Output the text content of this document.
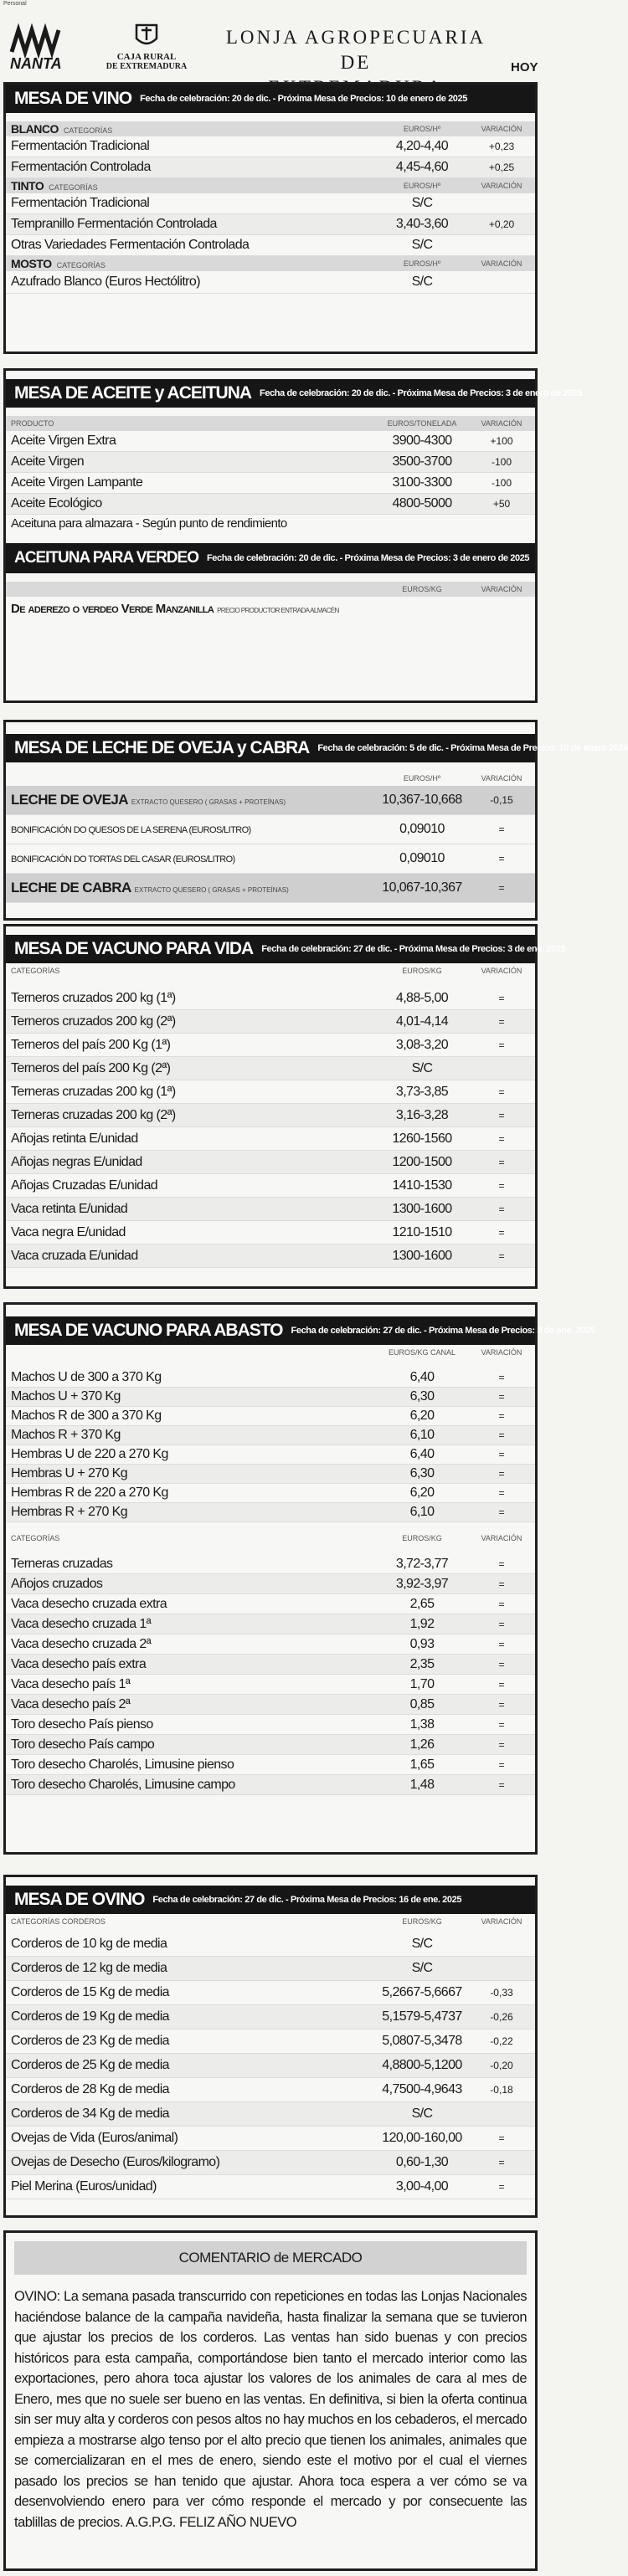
Personal
NANTA	CAJA RURAL
DE EXTREMADURA
LONJA AGROPECUARIA DE	HOY
MESA DE VINO Fecha de celebración: 20 de dic. - Próxima Mesa de Precios: 10 de enero de 2025
BLANCO CATEGORÍAS	EUROS/Hº	VARIACIÓN
Fermentación Tradicional	4,20-4,40	+0,23
Fermentación Controlada	4,45-4,60	+0,25
TINTO CATEGORÍAS	EUROS/Hº	VARIACIÓN
Fermentación Tradicional	S/C
Tempranillo Fermentación Controlada	3,40-3,60	+0,20
Otras Variedades Fermentación Controlada	S/C
MOSTO CATEGORÍAS	EUROS/Hº	VARIACIÓN
Azufrado Blanco (Euros Hectólitro)	S/C
MESA DE ACEITE y ACEITUNA Fecha de celebración: 20 de dic. - Próxima Mesa de Precios: 3 de enero de 2025
PRODUCTO	EUROS/TONELADA	VARIACIÓN
Aceite Virgen Extra	3900-4300	+100
Aceite Virgen	3500-3700	-100
Aceite Virgen Lampante	3100-3300	-100
Aceite Ecológico	4800-5000	+50
Aceituna para almazara - Según punto de rendimiento
ACEITUNA PARA VERDEO Fecha de celebración: 20 de dic. - Próxima Mesa de Precios: 3 de enero de 2025
EUROS/KG	VARIACIÓN
De aderezo o verdeo Verde Manzanilla PRECIO PRODUCTOR ENTRADA ALMACÉN
MESA DE LECHE DE OVEJA y CABRA Fecha de celebración: 5 de dic. - Próxima Mesa de Precios: 10 de enero 2024
EUROS/Hº	VARIACIÓN
LECHE DE OVEJA EXTRACTO QUESERO ( GRASAS + PROTEÍNAS)	10,367-10,668	-0,15
BONIFICACIÓN DO QUESOS DE LA SERENA (EUROS/LITRO)	0,09010	=
BONIFICACIÓN DO TORTAS DEL CASAR (EUROS/LITRO)	0,09010	=
LECHE DE CABRA EXTRACTO QUESERO ( GRASAS + PROTEÍNAS)	10,067-10,367	=
MESA DE VACUNO PARA VIDA Fecha de celebración: 27 de dic. - Próxima Mesa de Precios: 3 de ene. 2025
CATEGORÍAS	EUROS/KG	VARIACIÓN
Terneros cruzados 200 kg (1ª)	4,88-5,00	=
Terneros cruzados 200 kg (2ª)	4,01-4,14	=
Terneros del país 200 Kg (1ª)	3,08-3,20	=
Terneros del país 200 Kg (2ª)	S/C
Terneras cruzadas 200 kg (1ª)	3,73-3,85	=
Terneras cruzadas 200 kg (2ª)	3,16-3,28	=
Añojas retinta E/unidad	1260-1560	=
Añojas negras E/unidad	1200-1500	=
Añojas Cruzadas E/unidad	1410-1530	=
Vaca retinta E/unidad	1300-1600	=
Vaca negra E/unidad	1210-1510	=
Vaca cruzada E/unidad	1300-1600	=
MESA DE VACUNO PARA ABASTO Fecha de celebración: 27 de dic. - Próxima Mesa de Precios: 3 de ene. 2025
EUROS/KG CANAL	VARIACIÓN
Machos U de 300 a 370 Kg	6,40	=
Machos U + 370 Kg	6,30	=
Machos R de 300 a 370 Kg	6,20	=
Machos R + 370 Kg	6,10	=
Hembras U de 220 a 270 Kg	6,40	=
Hembras U + 270 Kg	6,30	=
Hembras R de 220 a 270 Kg	6,20	=
Hembras R + 270 Kg	6,10	=
CATEGORÍAS	EUROS/KG	VARIACIÓN
Terneras cruzadas	3,72-3,77	=
Añojos cruzados	3,92-3,97	=
Vaca desecho cruzada extra	2,65	=
Vaca desecho cruzada 1ª	1,92	=
Vaca desecho cruzada 2ª	0,93	=
Vaca desecho país extra	2,35	=
Vaca desecho país 1ª	1,70	=
Vaca desecho país 2ª	0,85	=
Toro desecho País pienso	1,38	=
Toro desecho País campo	1,26	=
Toro desecho Charolés, Limusine pienso	1,65	=
Toro desecho Charolés, Limusine campo	1,48	=
MESA DE OVINO Fecha de celebración: 27 de dic. - Próxima Mesa de Precios: 16 de ene. 2025
CATEGORÍAS CORDEROS	EUROS/KG	VARIACIÓN
Corderos de 10 kg de media	S/C
Corderos de 12 kg de media	S/C
Corderos de 15 Kg de media	5,2667-5,6667	-0,33
Corderos de 19 Kg de media	5,1579-5,4737	-0,26
Corderos de 23 Kg de media	5,0807-5,3478	-0,22
Corderos de 25 Kg de media	4,8800-5,1200	-0,20
Corderos de 28 Kg de media	4,7500-4,9643	-0,18
Corderos de 34 Kg de media	S/C
Ovejas de Vida (Euros/animal)	120,00-160,00	=
Ovejas de Desecho (Euros/kilogramo)	0,60-1,30	=
Piel Merina (Euros/unidad)	3,00-4,00	=
COMENTARIO de MERCADO
OVINO: La semana pasada transcurrido con repeticiones en todas las Lonjas Nacionales haciéndose balance de la campaña navideña, hasta finalizar la semana que se tuvieron que ajustar los precios de los corderos. Las ventas han sido buenas y con precios históricos para esta campaña, comportándose bien tanto el mercado interior como las exportaciones, pero ahora toca ajustar los valores de los animales de cara al mes de Enero, mes que no suele ser bueno en las ventas. En definitiva, si bien la oferta continua sin ser muy alta y corderos con pesos altos no hay muchos en los cebaderos, el mercado empieza a mostrarse algo tenso por el alto precio que tienen los animales, animales que se comercializaran en el mes de enero, siendo este el motivo por el cual el viernes pasado los precios se han tenido que ajustar. Ahora toca espera a ver cómo se va desenvolviendo enero para ver cómo responde el mercado y por consecuente las tablillas de precios. A.G.P.G. FELIZ AÑO NUEVO
